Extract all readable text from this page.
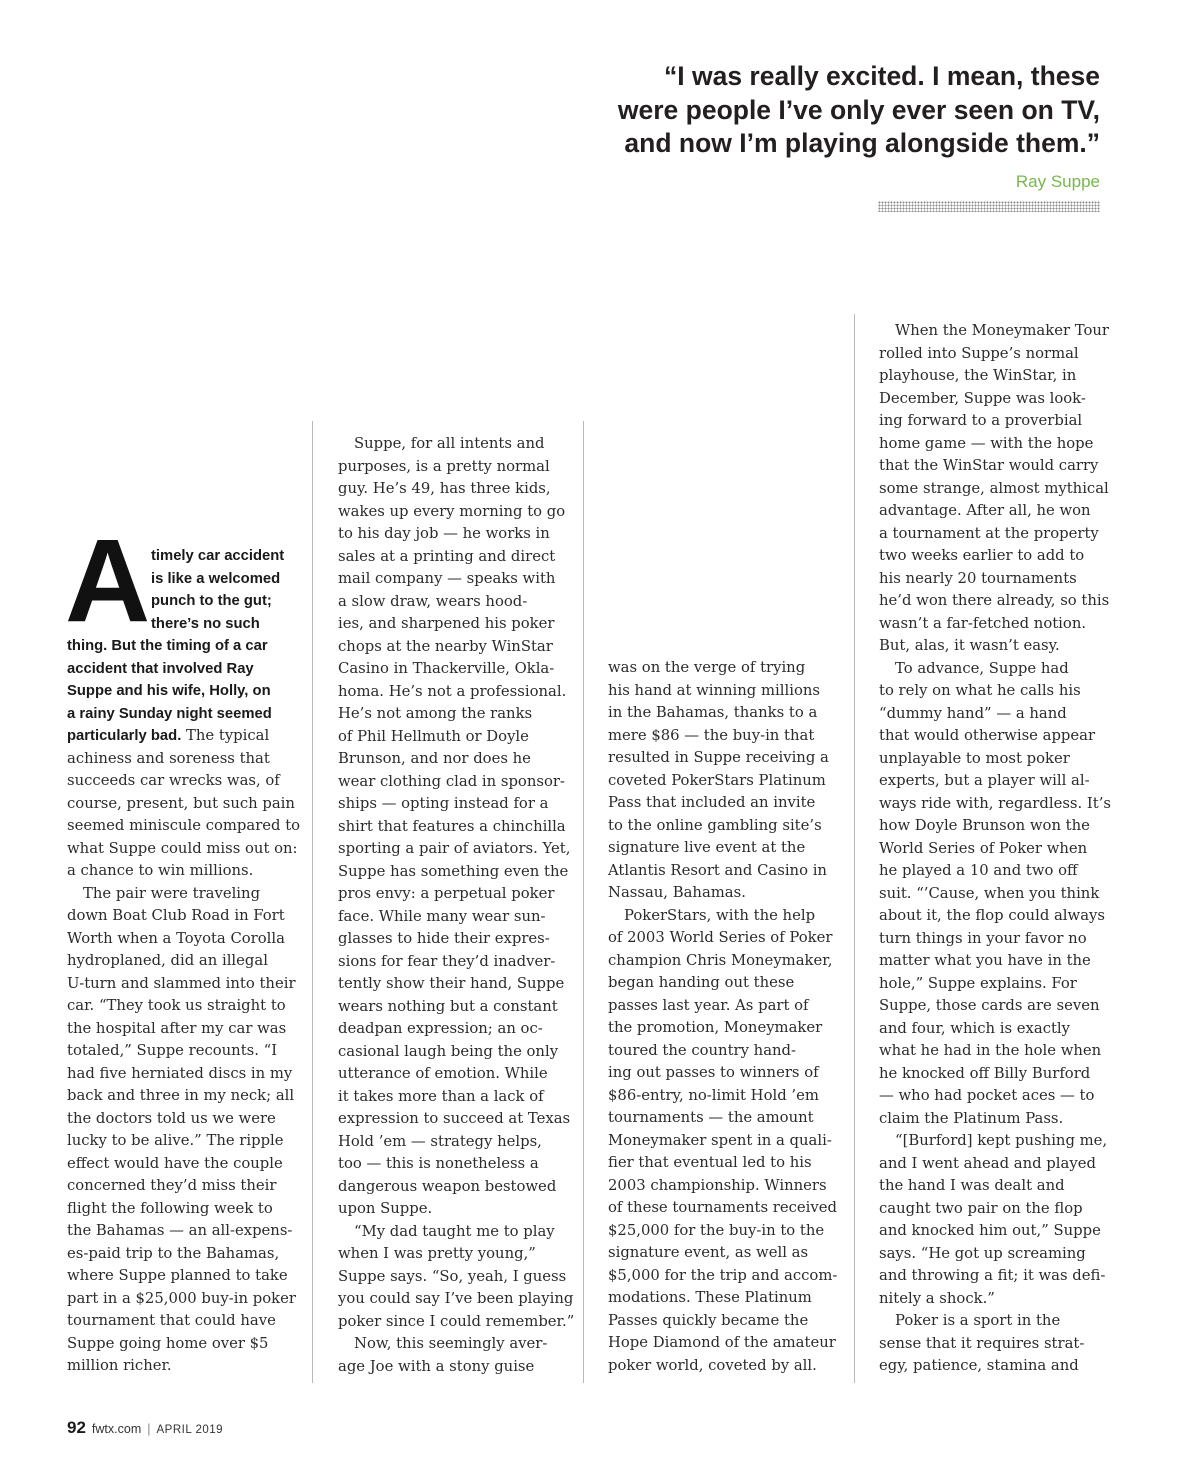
“I was really excited. I mean, these
were people I’ve only ever seen on TV,
and now I’m playing alongside them.”
Ray Suppe
A timely car accident
is like a welcomed
punch to the gut;
there’s no such
thing. But the timing of a car
accident that involved Ray
Suppe and his wife, Holly, on
a rainy Sunday night seemed
particularly bad. The typical
achiness and soreness that
succeeds car wrecks was, of
course, present, but such pain
seemed miniscule compared to
what Suppe could miss out on:
a chance to win millions.

The pair were traveling
down Boat Club Road in Fort
Worth when a Toyota Corolla
hydroplaned, did an illegal
U-turn and slammed into their
car. “They took us straight to
the hospital after my car was
totaled,” Suppe recounts. “I
had five herniated discs in my
back and three in my neck; all
the doctors told us we were
lucky to be alive.” The ripple
effect would have the couple
concerned they’d miss their
flight the following week to
the Bahamas — an all-expens-
es-paid trip to the Bahamas,
where Suppe planned to take
part in a $25,000 buy-in poker
tournament that could have
Suppe going home over $5
million richer.

Suppe, for all intents and
purposes, is a pretty normal
guy. He’s 49, has three kids,
wakes up every morning to go
to his day job — he works in
sales at a printing and direct
mail company — speaks with
a slow draw, wears hood-
ies, and sharpened his poker
chops at the nearby WinStar
Casino in Thackerville, Okla-
homa. He’s not a professional.
He’s not among the ranks
of Phil Hellmuth or Doyle
Brunson, and nor does he
wear clothing clad in sponsor-
ships — opting instead for a
shirt that features a chinchilla
sporting a pair of aviators. Yet,
Suppe has something even the
pros envy: a perpetual poker
face. While many wear sun-
glasses to hide their expres-
sions for fear they’d inadver-
tently show their hand, Suppe
wears nothing but a constant
deadpan expression; an oc-
casional laugh being the only
utterance of emotion. While
it takes more than a lack of
expression to succeed at Texas
Hold ’em — strategy helps,
too — this is nonetheless a
dangerous weapon bestowed
upon Suppe.

“My dad taught me to play
when I was pretty young,”
Suppe says. “So, yeah, I guess
you could say I’ve been playing
poker since I could remember.”

Now, this seemingly aver-
age Joe with a stony guise

was on the verge of trying
his hand at winning millions
in the Bahamas, thanks to a
mere $86 — the buy-in that
resulted in Suppe receiving a
coveted PokerStars Platinum
Pass that included an invite
to the online gambling site’s
signature live event at the
Atlantis Resort and Casino in
Nassau, Bahamas.

PokerStars, with the help
of 2003 World Series of Poker
champion Chris Moneymaker,
began handing out these
passes last year. As part of
the promotion, Moneymaker
toured the country hand-
ing out passes to winners of
$86-entry, no-limit Hold ’em
tournaments — the amount
Moneymaker spent in a quali-
fier that eventual led to his
2003 championship. Winners
of these tournaments received
$25,000 for the buy-in to the
signature event, as well as
$5,000 for the trip and accom-
modations. These Platinum
Passes quickly became the
Hope Diamond of the amateur
poker world, coveted by all.

When the Moneymaker Tour
rolled into Suppe’s normal
playhouse, the WinStar, in
December, Suppe was look-
ing forward to a proverbial
home game — with the hope
that the WinStar would carry
some strange, almost mythical
advantage. After all, he won
a tournament at the property
two weeks earlier to add to
his nearly 20 tournaments
he’d won there already, so this
wasn’t a far-fetched notion.
But, alas, it wasn’t easy.

To advance, Suppe had
to rely on what he calls his
“dummy hand” — a hand
that would otherwise appear
unplayable to most poker
experts, but a player will al-
ways ride with, regardless. It’s
how Doyle Brunson won the
World Series of Poker when
he played a 10 and two off
suit. “’Cause, when you think
about it, the flop could always
turn things in your favor no
matter what you have in the
hole,” Suppe explains. For
Suppe, those cards are seven
and four, which is exactly
what he had in the hole when
he knocked off Billy Burford
— who had pocket aces — to
claim the Platinum Pass.

“[Burford] kept pushing me,
and I went ahead and played
the hand I was dealt and
caught two pair on the flop
and knocked him out,” Suppe
says. “He got up screaming
and throwing a fit; it was defi-
nitely a shock.”

Poker is a sport in the
sense that it requires strat-
egy, patience, stamina and

92 fwtx.com | APRIL 2019
